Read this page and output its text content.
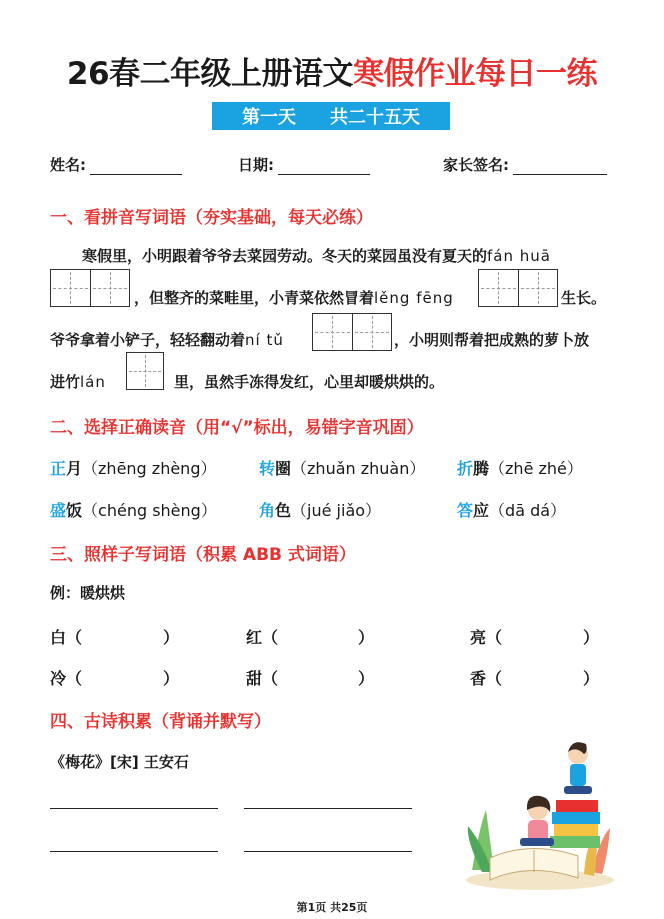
26春二年级上册语文寒假作业每日一练
第一天 共二十五天
姓名:	日期:	家长签名:
一、看拼音写词语（夯实基础，每天必练）
寒假里，小明跟着爷爷去菜园劳动。冬天的菜园虽没有夏天的fán huā
，但整齐的菜畦里，小青菜依然冒着lěng fēng	生长。
爷爷拿着小铲子，轻轻翻动着ní tǔ	，小明则帮着把成熟的萝卜放
进竹lán	里，虽然手冻得发红，心里却暖烘烘的。
二、选择正确读音（用“√”标出，易错字音巩固）
正月（zhēng zhèng）	转圈（zhuǎn zhuàn） 折腾（zhē zhé）
盛饭（chéng shèng）	角色（jué jiǎo）	答应（dā dá）
三、照样子写词语（积累 ABB 式词语）
例：暖烘烘
白（	）	红（	）	亮（	）
冷（	）	甜（	）	香（	）
四、古诗积累（背诵并默写）
《梅花》[宋] 王安石
第1页 共25页
